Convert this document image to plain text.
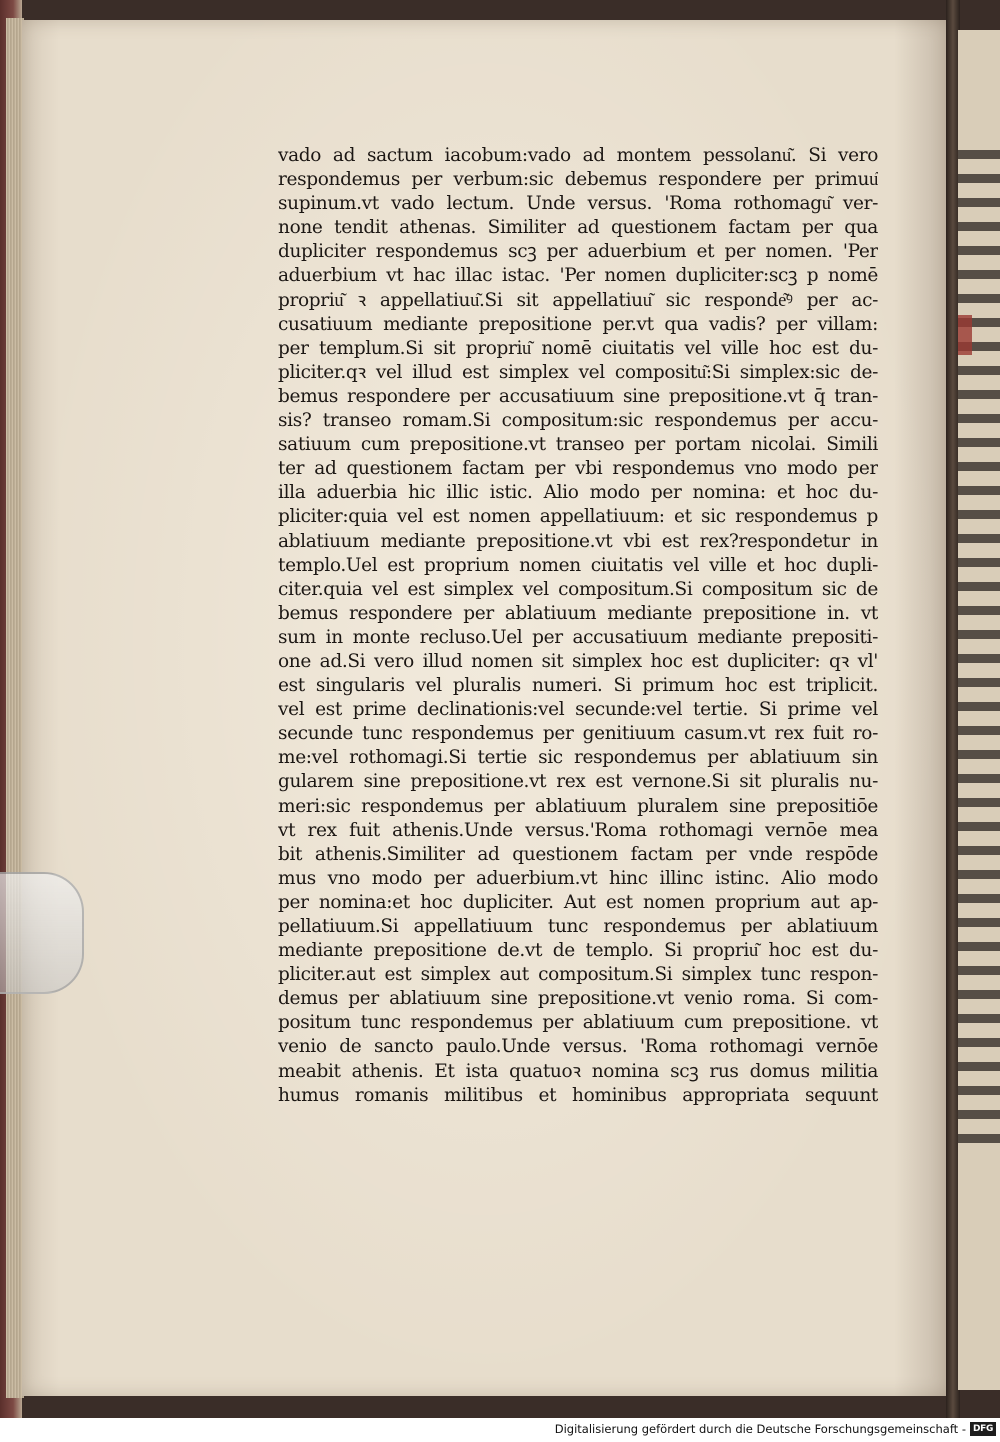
vado ad sactum iacobum:vado ad montem pessolanu͂. Si vero
respondemus per verbum:sic debemus respondere per primuu͂
supinum.vt vado lectum. Unde versus. 'Roma rothomagu͂ ver-
none tendit athenas. Similiter ad questionem factam per qua
dupliciter respondemus scꝫ per aduerbium et per nomen. 'Per
aduerbium vt hac illac istac. 'Per nomen dupliciter:scꝫ p nomē
propriu͂ ꝛ appellatiuu͂.Si sit appellatiuu͂ sic responde͂ꝰ per ac-
cusatiuum mediante prepositione per.vt qua vadis? per villam:
per templum.Si sit propriu͂ nomē ciuitatis vel ville hoc est du-
pliciter.qꝛ vel illud est simplex vel compositu͂:Si simplex:sic de-
bemus respondere per accusatiuum sine prepositione.vt q̄ tran-
sis? transeo romam.Si compositum:sic respondemus per accu-
satiuum cum prepositione.vt transeo per portam nicolai. Simili
ter ad questionem factam per vbi respondemus vno modo per
illa aduerbia hic illic istic. Alio modo per nomina: et hoc du-
pliciter:quia vel est nomen appellatiuum: et sic respondemus p
ablatiuum mediante prepositione.vt vbi est rex?respondetur in
templo.Uel est proprium nomen ciuitatis vel ville et hoc dupli-
citer.quia vel est simplex vel compositum.Si compositum sic de
bemus respondere per ablatiuum mediante prepositione in. vt
sum in monte recluso.Uel per accusatiuum mediante prepositi-
one ad.Si vero illud nomen sit simplex hoc est dupliciter: qꝛ vl'
est singularis vel pluralis numeri. Si primum hoc est triplicit.
vel est prime declinationis:vel secunde:vel tertie. Si prime vel
secunde tunc respondemus per genitiuum casum.vt rex fuit ro-
me:vel rothomagi.Si tertie sic respondemus per ablatiuum sin
gularem sine prepositione.vt rex est vernone.Si sit pluralis nu-
meri:sic respondemus per ablatiuum pluralem sine prepositiōe
vt rex fuit athenis.Unde versus.'Roma rothomagi vernōe mea
bit athenis.Similiter ad questionem factam per vnde respōde
mus vno modo per aduerbium.vt hinc illinc istinc. Alio modo
per nomina:et hoc dupliciter. Aut est nomen proprium aut ap-
pellatiuum.Si appellatiuum tunc respondemus per ablatiuum
mediante prepositione de.vt de templo. Si propriu͂ hoc est du-
pliciter.aut est simplex aut compositum.Si simplex tunc respon-
demus per ablatiuum sine prepositione.vt venio roma. Si com-
positum tunc respondemus per ablatiuum cum prepositione. vt
venio de sancto paulo.Unde versus. 'Roma rothomagi vernōe
meabit athenis. Et ista quatuoꝛ nomina scꝫ rus domus militia
humus romanis militibus et hominibus appropriata sequunt
Digitalisierung gefördert durch die Deutsche Forschungsgemeinschaft - DFG
